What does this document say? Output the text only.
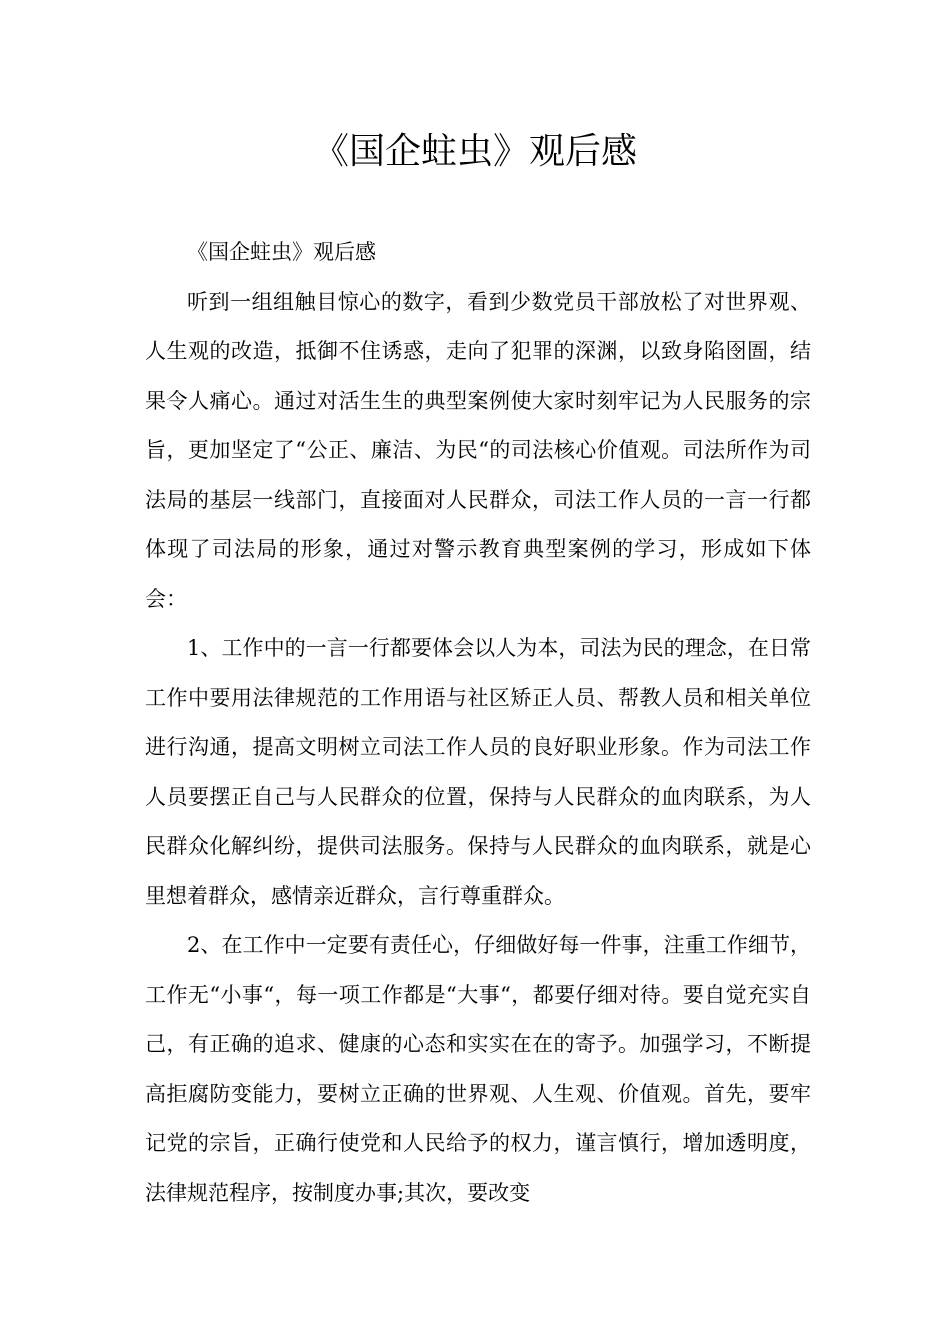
《国企蛀虫》观后感

《国企蛀虫》观后感

听到一组组触目惊心的数字，看到少数党员干部放松了对世界观、人生观的改造，抵御不住诱惑，走向了犯罪的深渊，以致身陷囹圄，结果令人痛心。通过对活生生的典型案例使大家时刻牢记为人民服务的宗旨，更加坚定了“公正、廉洁、为民“的司法核心价值观。司法所作为司法局的基层一线部门，直接面对人民群众，司法工作人员的一言一行都体现了司法局的形象，通过对警示教育典型案例的学习，形成如下体会：

1、工作中的一言一行都要体会以人为本，司法为民的理念，在日常工作中要用法律规范的工作用语与社区矫正人员、帮教人员和相关单位进行沟通，提高文明树立司法工作人员的良好职业形象。作为司法工作人员要摆正自己与人民群众的位置，保持与人民群众的血肉联系，为人民群众化解纠纷，提供司法服务。保持与人民群众的血肉联系，就是心里想着群众，感情亲近群众，言行尊重群众。

2、在工作中一定要有责任心，仔细做好每一件事，注重工作细节，工作无“小事“，每一项工作都是“大事“，都要仔细对待。要自觉充实自己，有正确的追求、健康的心态和实实在在的寄予。加强学习，不断提高拒腐防变能力，要树立正确的世界观、人生观、价值观。首先，要牢记党的宗旨，正确行使党和人民给予的权力，谨言慎行，增加透明度，法律规范程序，按制度办事;其次，要改变
